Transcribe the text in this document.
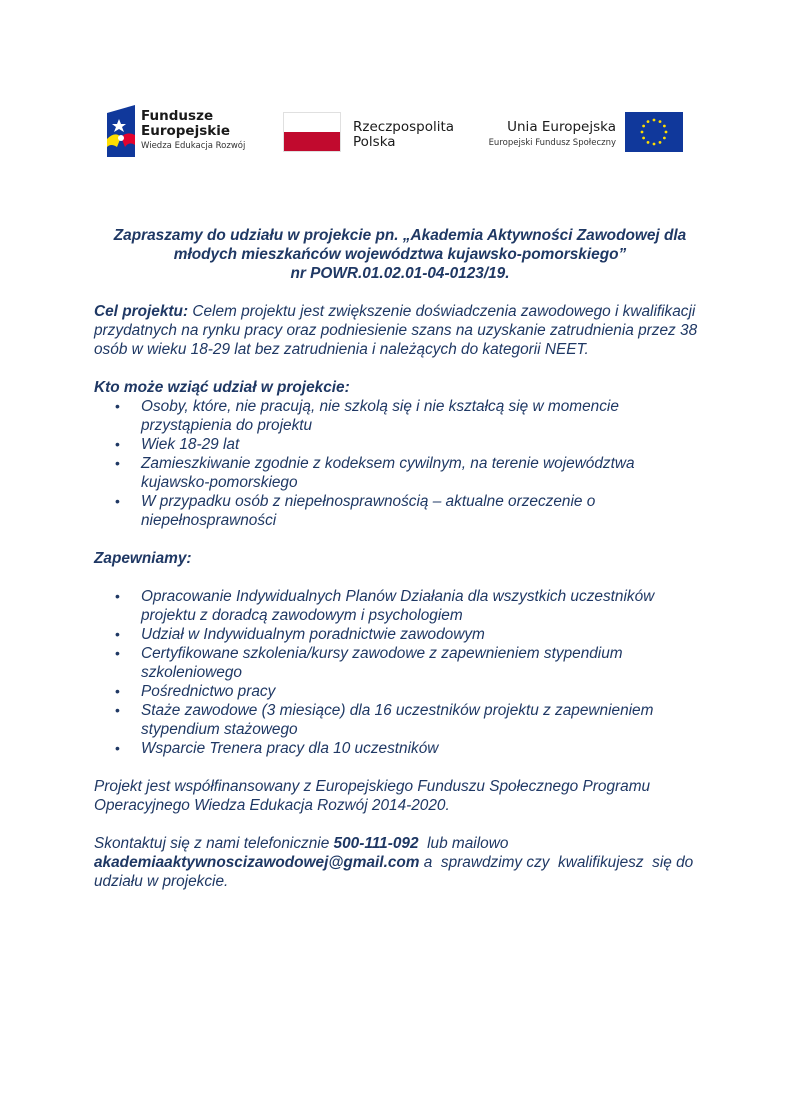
Fundusze
Europejskie
Wiedza Edukacja Rozwój
Rzeczpospolita
Polska
Unia Europejska
Europejski Fundusz Społeczny
Zapraszamy do udziału w projekcie pn. „Akademia Aktywności Zawodowej dla
młodych mieszkańców województwa kujawsko-pomorskiego”
nr POWR.01.02.01-04-0123/19.

Cel projektu: Celem projektu jest zwiększenie doświadczenia zawodowego i kwalifikacji przydatnych na rynku pracy oraz podniesienie szans na uzyskanie zatrudnienia przez 38 osób w wieku 18-29 lat bez zatrudnienia i należących do kategorii NEET.

Kto może wziąć udział w projekcie:
• Osoby, które, nie pracują, nie szkolą się i nie kształcą się w momencie przystąpienia do projektu
• Wiek 18-29 lat
• Zamieszkiwanie zgodnie z kodeksem cywilnym, na terenie województwa kujawsko-pomorskiego
• W przypadku osób z niepełnosprawnością – aktualne orzeczenie o niepełnosprawności
Zapewniamy:
• Opracowanie Indywidualnych Planów Działania dla wszystkich uczestników projektu z doradcą zawodowym i psychologiem
• Udział w Indywidualnym poradnictwie zawodowym
• Certyfikowane szkolenia/kursy zawodowe z zapewnieniem stypendium szkoleniowego
• Pośrednictwo pracy
• Staże zawodowe (3 miesiące) dla 16 uczestników projektu z zapewnieniem stypendium stażowego
• Wsparcie Trenera pracy dla 10 uczestników

Projekt jest współfinansowany z Europejskiego Funduszu Społecznego Programu Operacyjnego Wiedza Edukacja Rozwój 2014-2020.

Skontaktuj się z nami telefonicznie 500-111-092  lub mailowo akademiaaktywnoscizawodowej@gmail.com a  sprawdzimy czy  kwalifikujesz  się do udziału w projekcie.
